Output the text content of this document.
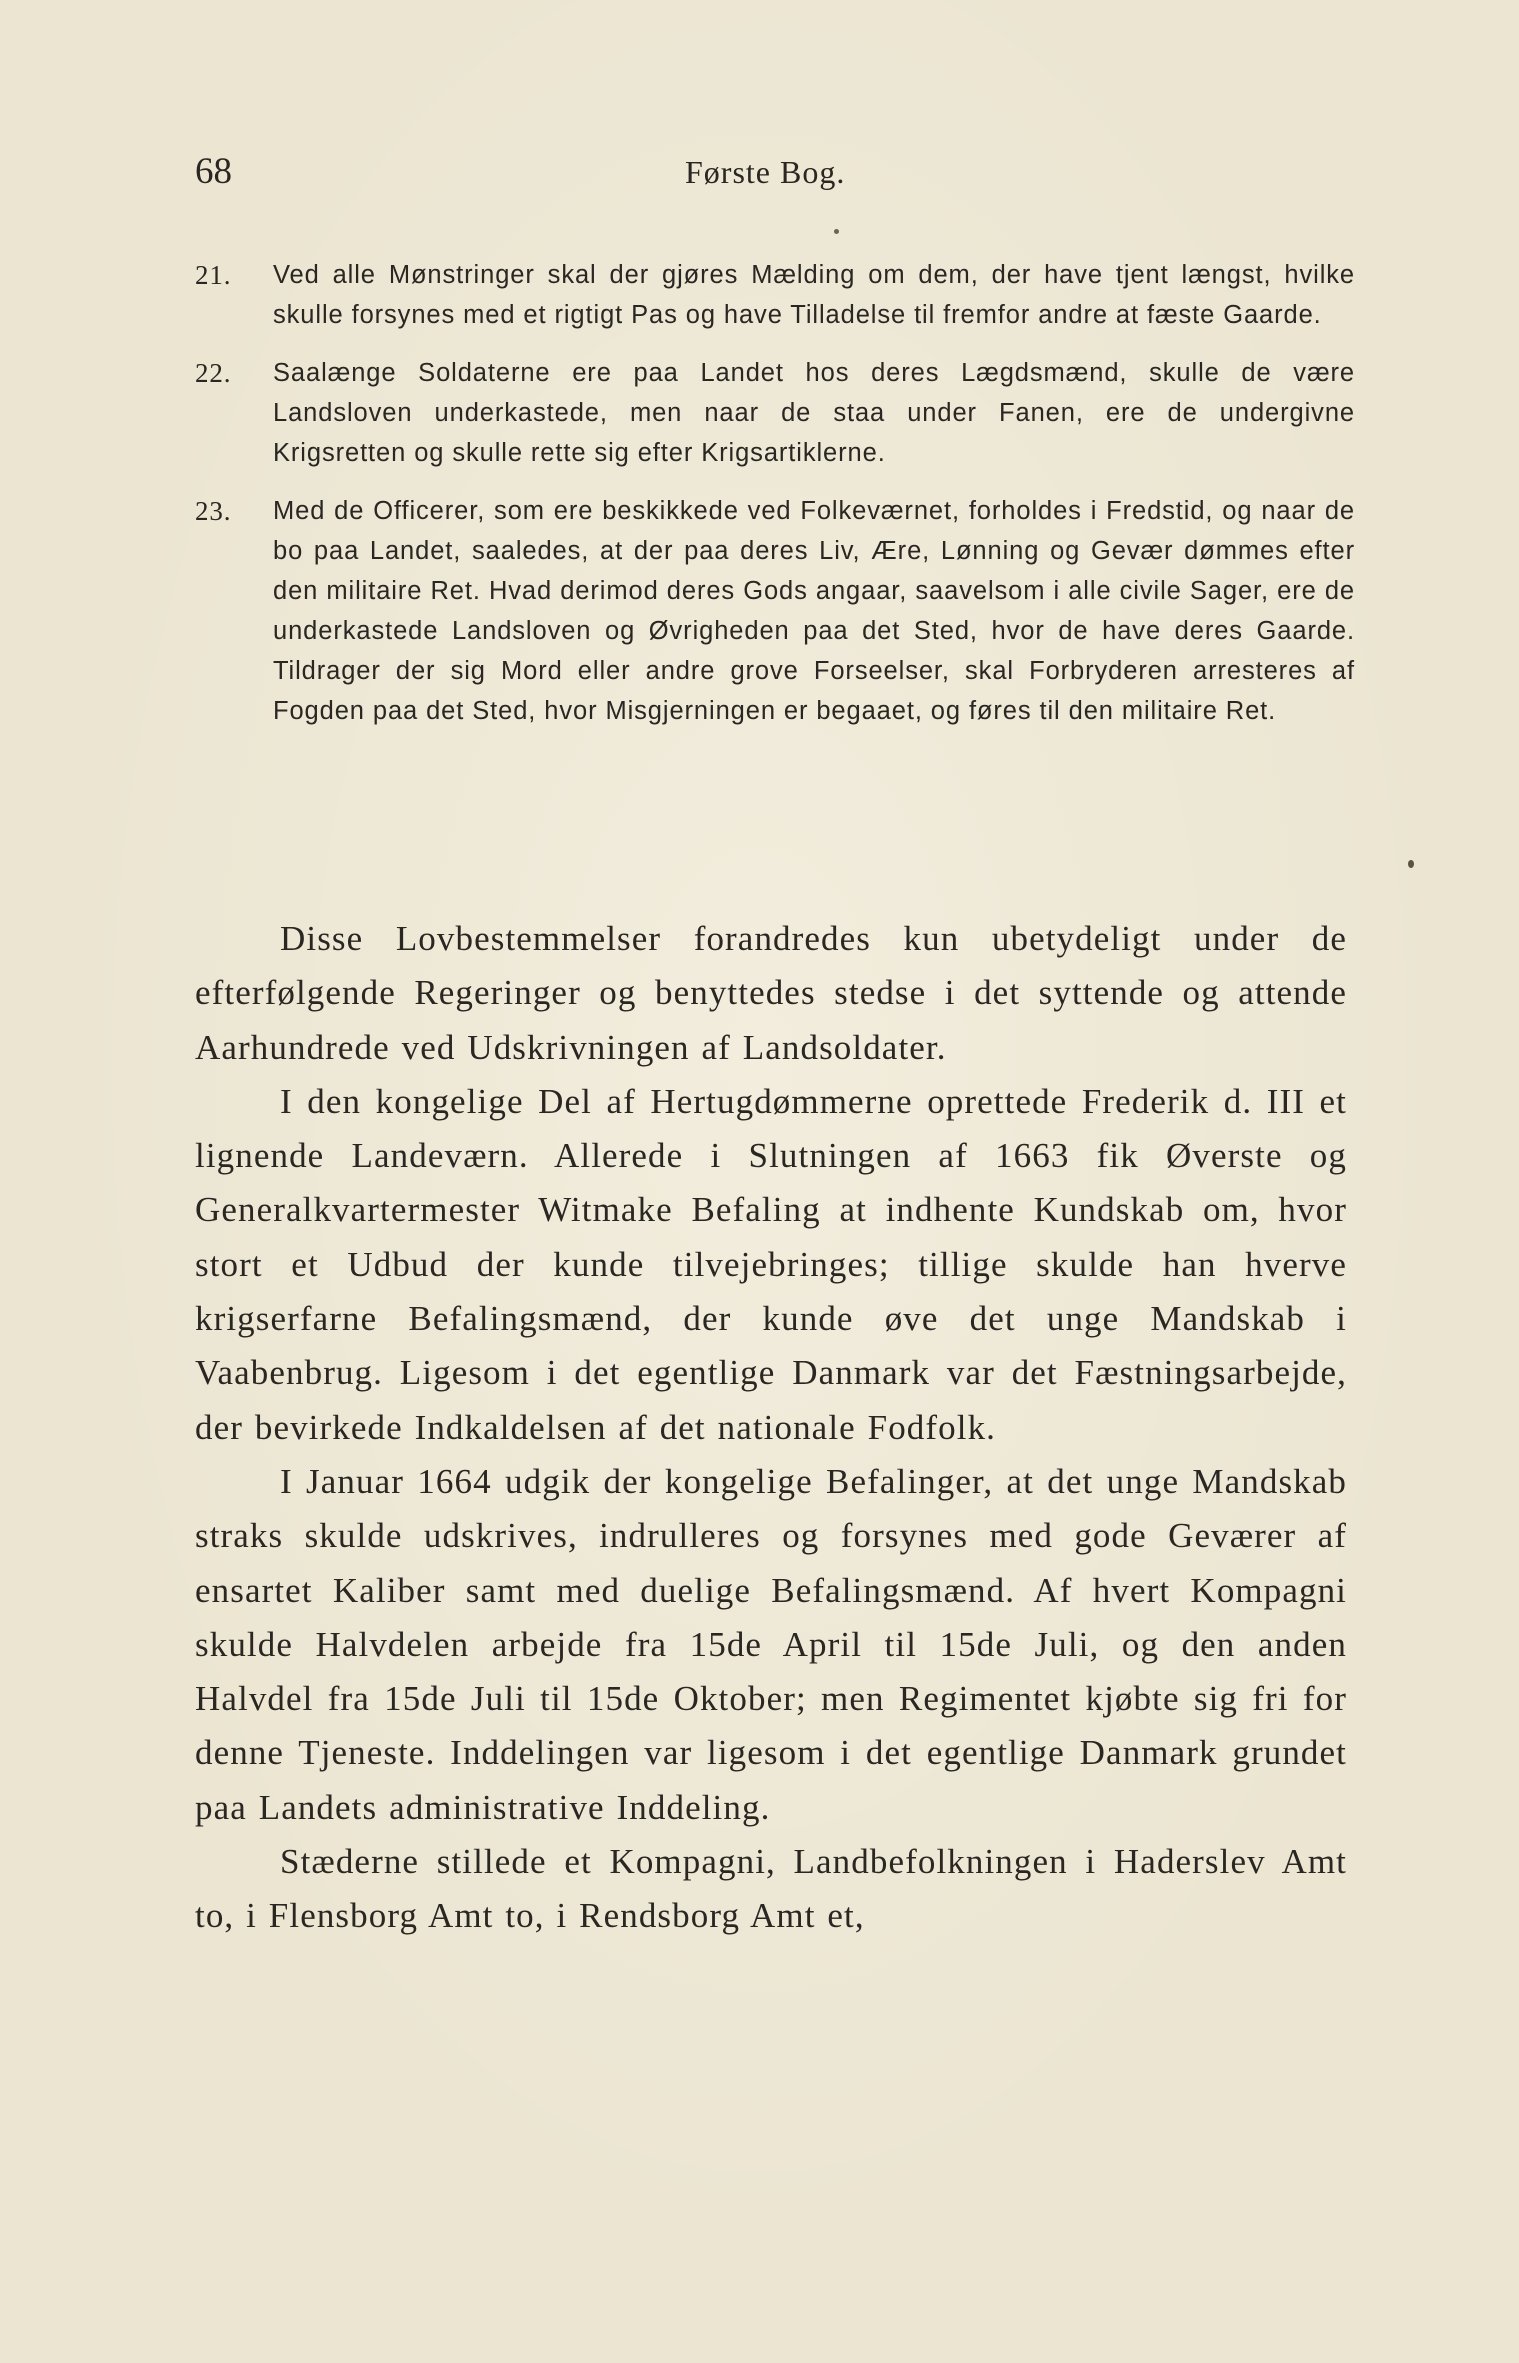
68	Første Bog.
21. Ved alle Mønstringer skal der gjøres Mælding om dem, der have tjent længst, hvilke skulle forsynes med et rigtigt Pas og have Tilladelse til fremfor andre at fæste Gaarde.
22. Saalænge Soldaterne ere paa Landet hos deres Lægdsmænd, skulle de være Landsloven underkastede, men naar de staa under Fanen, ere de undergivne Krigsretten og skulle rette sig efter Krigsartiklerne.
23. Med de Officerer, som ere beskikkede ved Folkeværnet, forholdes i Fredstid, og naar de bo paa Landet, saaledes, at der paa deres Liv, Ære, Lønning og Gevær dømmes efter den militaire Ret. Hvad derimod deres Gods angaar, saavelsom i alle civile Sager, ere de underkastede Landsloven og Øvrigheden paa det Sted, hvor de have deres Gaarde. Tildrager der sig Mord eller andre grove Forseelser, skal Forbryderen arresteres af Fogden paa det Sted, hvor Misgjerningen er begaaet, og føres til den militaire Ret.

Disse Lovbestemmelser forandredes kun ubetydeligt under de efterfølgende Regeringer og benyttedes stedse i det syttende og attende Aarhundrede ved Udskrivningen af Landsoldater.

I den kongelige Del af Hertugdømmerne oprettede Frederik d. III et lignende Landeværn. Allerede i Slutningen af 1663 fik Øverste og Generalkvartermester Witmake Befaling at indhente Kundskab om, hvor stort et Udbud der kunde tilvejebringes; tillige skulde han hverve krigserfarne Befalingsmænd, der kunde øve det unge Mandskab i Vaabenbrug. Ligesom i det egentlige Danmark var det Fæstningsarbejde, der bevirkede Indkaldelsen af det nationale Fodfolk.

I Januar 1664 udgik der kongelige Befalinger, at det unge Mandskab straks skulde udskrives, indrulleres og forsynes med gode Geværer af ensartet Kaliber samt med duelige Befalingsmænd. Af hvert Kompagni skulde Halvdelen arbejde fra 15de April til 15de Juli, og den anden Halvdel fra 15de Juli til 15de Oktober; men Regimentet kjøbte sig fri for denne Tjeneste. Inddelingen var ligesom i det egentlige Danmark grundet paa Landets administrative Inddeling.

Stæderne stillede et Kompagni, Landbefolkningen i Haderslev Amt to, i Flensborg Amt to, i Rendsborg Amt et,
